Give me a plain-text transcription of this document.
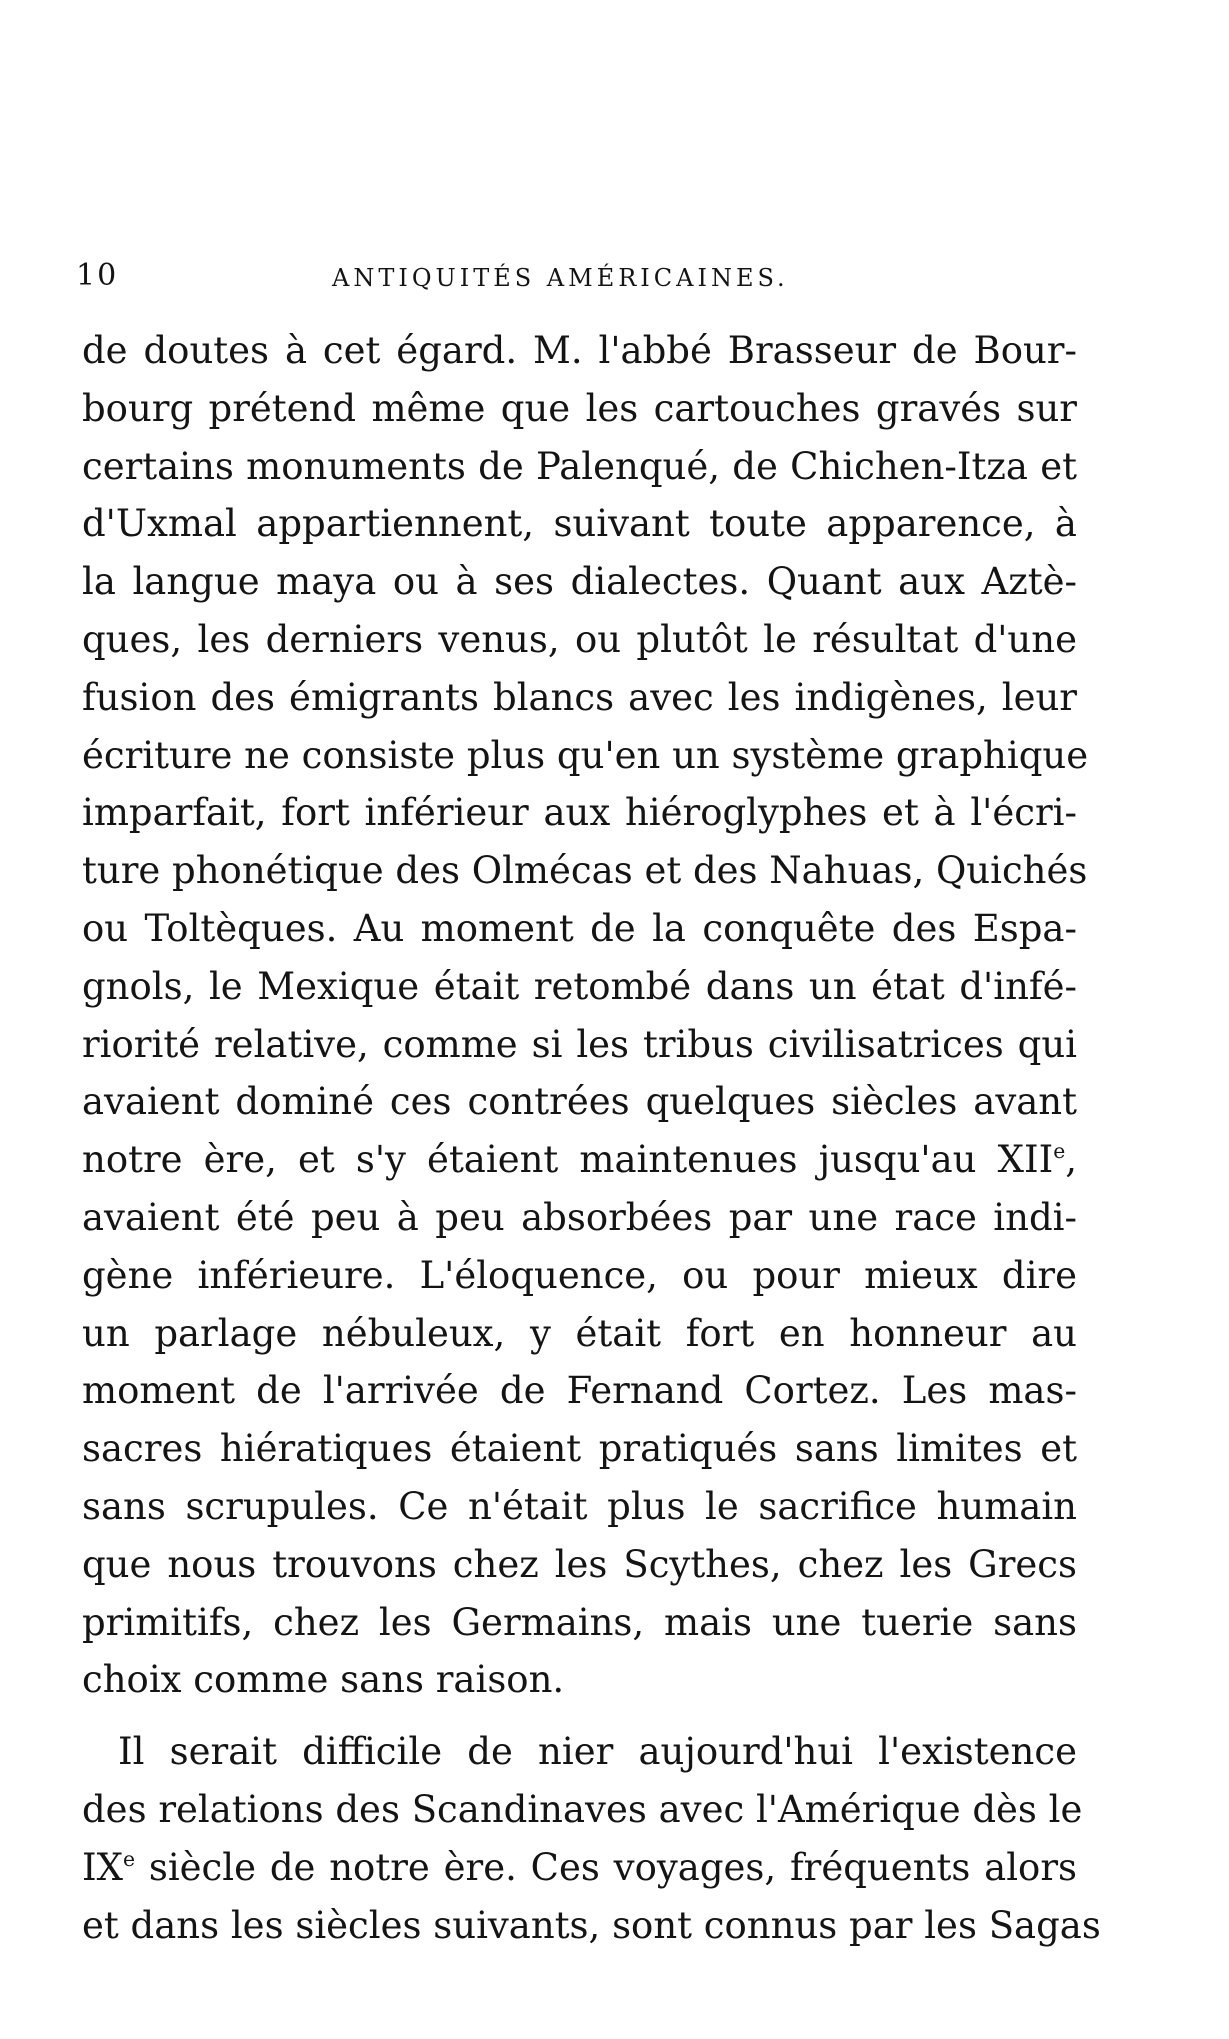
10	ANTIQUITÉS AMÉRICAINES.
de doutes à cet égard. M. l'abbé Brasseur de Bour-
bourg prétend même que les cartouches gravés sur
certains monuments de Palenqué, de Chichen-Itza et
d'Uxmal appartiennent, suivant toute apparence, à
la langue maya ou à ses dialectes. Quant aux Aztè-
ques, les derniers venus, ou plutôt le résultat d'une
fusion des émigrants blancs avec les indigènes, leur
écriture ne consiste plus qu'en un système graphique
imparfait, fort inférieur aux hiéroglyphes et à l'écri-
ture phonétique des Olmécas et des Nahuas, Quichés
ou Toltèques. Au moment de la conquête des Espa-
gnols, le Mexique était retombé dans un état d'infé-
riorité relative, comme si les tribus civilisatrices qui
avaient dominé ces contrées quelques siècles avant
notre ère, et s'y étaient maintenues jusqu'au XIIe,
avaient été peu à peu absorbées par une race indi-
gène inférieure. L'éloquence, ou pour mieux dire
un parlage nébuleux, y était fort en honneur au
moment de l'arrivée de Fernand Cortez. Les mas-
sacres hiératiques étaient pratiqués sans limites et
sans scrupules. Ce n'était plus le sacrifice humain
que nous trouvons chez les Scythes, chez les Grecs
primitifs, chez les Germains, mais une tuerie sans
choix comme sans raison.
Il serait difficile de nier aujourd'hui l'existence
des relations des Scandinaves avec l'Amérique dès le
IXe siècle de notre ère. Ces voyages, fréquents alors
et dans les siècles suivants, sont connus par les Sagas
